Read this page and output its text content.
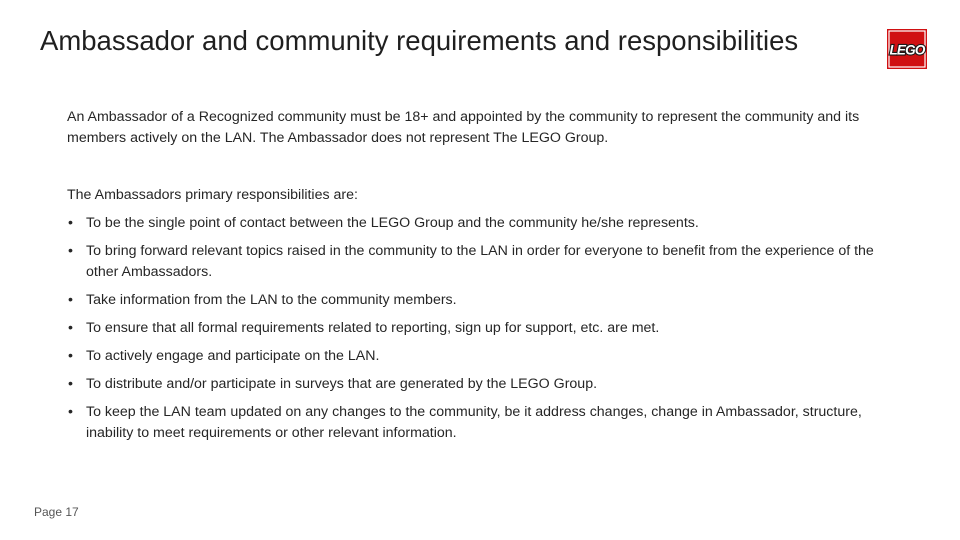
Ambassador and community requirements and responsibilities	LEGO
An Ambassador of a Recognized community must be 18+ and appointed by the community to represent the community and its members actively on the LAN. The Ambassador does not represent The LEGO Group.
The Ambassadors primary responsibilities are:
• To be the single point of contact between the LEGO Group and the community he/she represents.
• To bring forward relevant topics raised in the community to the LAN in order for everyone to benefit from the experience of the other Ambassadors.
• Take information from the LAN to the community members.
• To ensure that all formal requirements related to reporting, sign up for support, etc. are met.
• To actively engage and participate on the LAN.
• To distribute and/or participate in surveys that are generated by the LEGO Group.
• To keep the LAN team updated on any changes to the community, be it address changes, change in Ambassador, structure, inability to meet requirements or other relevant information.
Page 17
